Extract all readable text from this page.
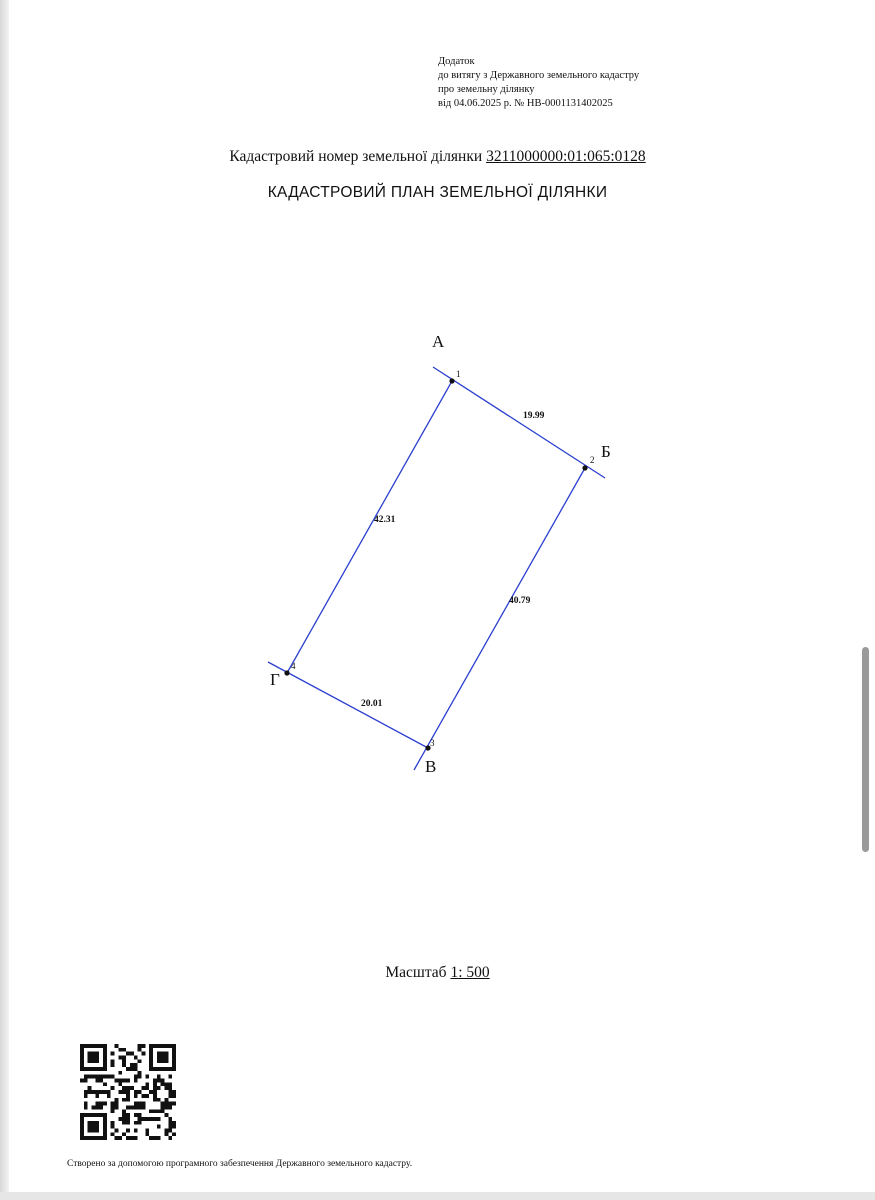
Додаток
до витягу з Державного земельного кадастру
про земельну ділянку
від 04.06.2025 р. № НВ-0001131402025
Кадастровий номер земельної ділянки 3211000000:01:065:0128
КАДАСТРОВИЙ ПЛАН ЗЕМЕЛЬНОЇ ДІЛЯНКИ
А
Б
В
Г
1
2
3
4
19.99
40.79
20.01
42.31
Масштаб 1: 500
Створено за допомогою програмного забезпечення Державного земельного кадастру.
